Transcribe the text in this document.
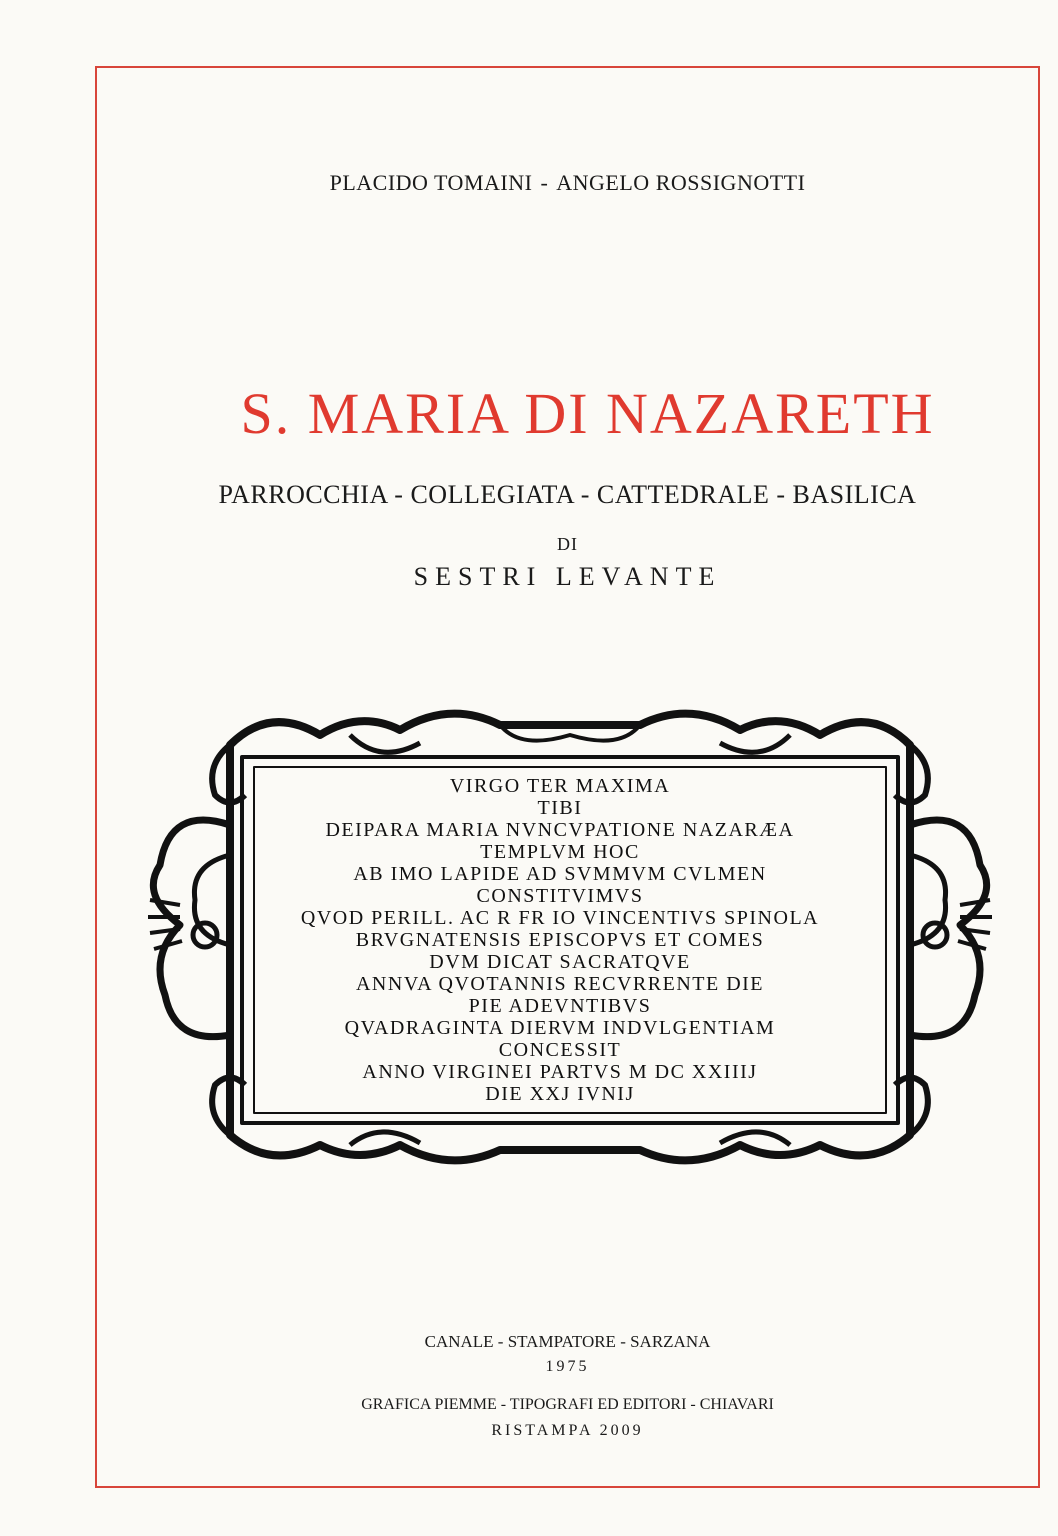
PLACIDO TOMAINI - ANGELO ROSSIGNOTTI
S. MARIA DI NAZARETH
PARROCCHIA - COLLEGIATA - CATTEDRALE - BASILICA
DI
SESTRI LEVANTE
VIRGO TER MAXIMA
TIBI
DEIPARA MARIA NVNCVPATIONE NAZARÆA
TEMPLVM HOC
AB IMO LAPIDE AD SVMMVM CVLMEN
CONSTITVIMVS
QVOD PERILL. AC R FR IO VINCENTIVS SPINOLA
BRVGNATENSIS EPISCOPVS ET COMES
DVM DICAT SACRATQVE
ANNVA QVOTANNIS RECVRRENTE DIE
PIE ADEVNTIBVS
QVADRAGINTA DIERVM INDVLGENTIAM
CONCESSIT
ANNO VIRGINEI PARTVS M DC XXIIIJ
DIE XXJ IVNIJ
CANALE - STAMPATORE - SARZANA
1975
GRAFICA PIEMME - TIPOGRAFI ED EDITORI - CHIAVARI
RISTAMPA 2009
